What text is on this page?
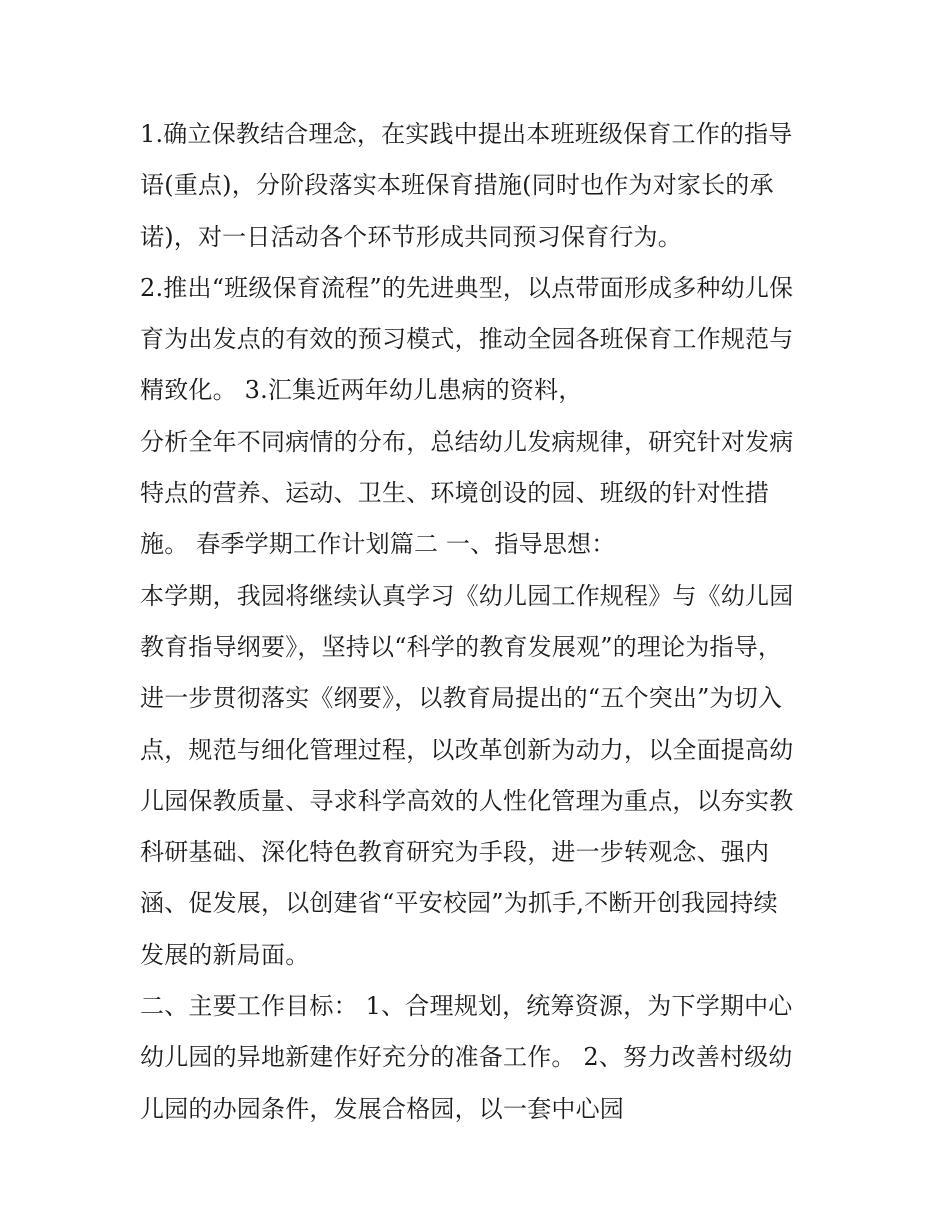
1.确立保教结合理念，在实践中提出本班班级保育工作的指导
语(重点)，分阶段落实本班保育措施(同时也作为对家长的承
诺)，对一日活动各个环节形成共同预习保育行为。
2.推出“班级保育流程”的先进典型，以点带面形成多种幼儿保
育为出发点的有效的预习模式，推动全园各班保育工作规范与
精致化。 3.汇集近两年幼儿患病的资料，
分析全年不同病情的分布，总结幼儿发病规律，研究针对发病
特点的营养、运动、卫生、环境创设的园、班级的针对性措
施。 春季学期工作计划篇二 一、指导思想：
本学期，我园将继续认真学习《幼儿园工作规程》与《幼儿园
教育指导纲要》，坚持以“科学的教育发展观”的理论为指导，
进一步贯彻落实《纲要》，以教育局提出的“五个突出”为切入
点，规范与细化管理过程，以改革创新为动力，以全面提高幼
儿园保教质量、寻求科学高效的人性化管理为重点，以夯实教
科研基础、深化特色教育研究为手段，进一步转观念、强内
涵、促发展，以创建省“平安校园”为抓手,不断开创我园持续
发展的新局面。
二、主要工作目标： 1、合理规划，统筹资源，为下学期中心
幼儿园的异地新建作好充分的准备工作。 2、努力改善村级幼
儿园的办园条件，发展合格园，以一套中心园
